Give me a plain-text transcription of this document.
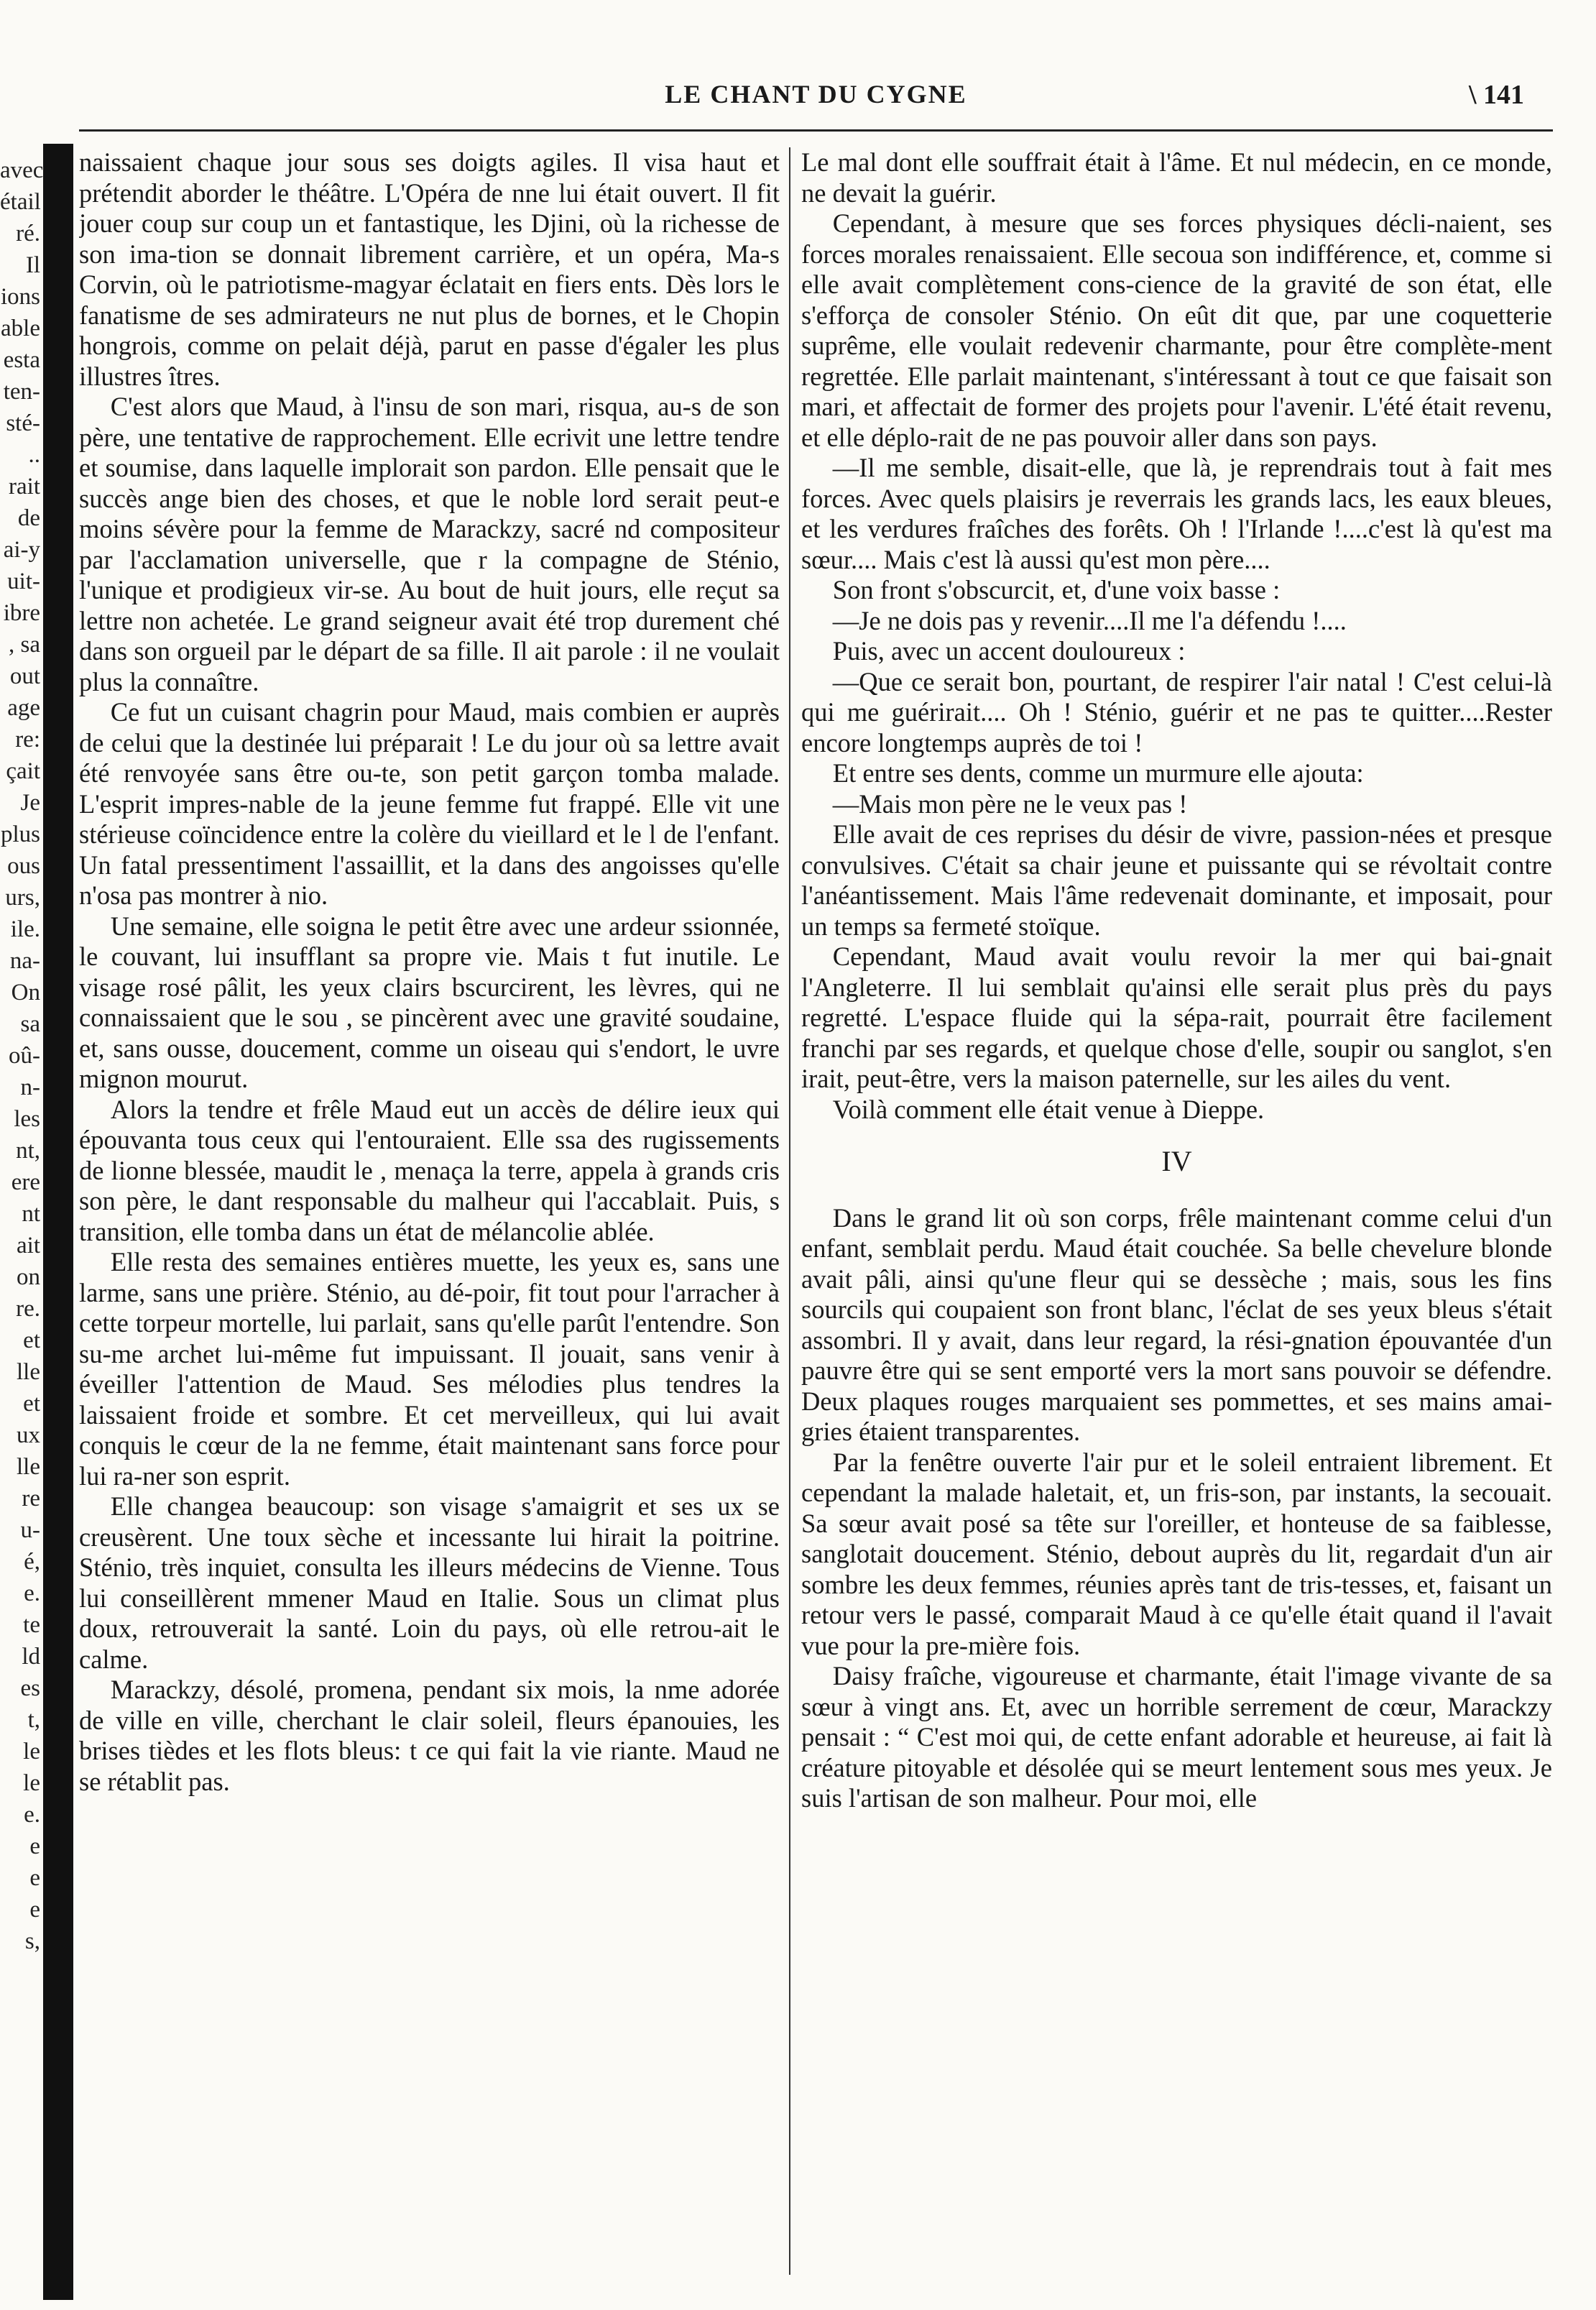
avec
étail
ré.
Il
ions
able
esta
ten-
sté-
..
rait
de
ai-y
uit-
ibre
, sa
out
age
re:
çait
Je
plus
ous
urs,
ile.
na-
On
sa
oû-
n-
les
nt,
ere
nt
ait
on
re.
et
lle
et
ux
lle
re
u-
é,
e.
te
ld
es
t,
le
le
e.
e
e
e
s,
LE CHANT DU CYGNE	\ 141

naissaient chaque jour sous ses doigts agiles. Il visa haut et prétendit aborder le théâtre. L'Opéra de nne lui était ouvert. Il fit jouer coup sur coup un et fantastique, les Djini, où la richesse de son ima-tion se donnait librement carrière, et un opéra, Ma-s Corvin, où le patriotisme-magyar éclatait en fiers ents. Dès lors le fanatisme de ses admirateurs ne nut plus de bornes, et le Chopin hongrois, comme on pelait déjà, parut en passe d'égaler les plus illustres îtres.

C'est alors que Maud, à l'insu de son mari, risqua, au-s de son père, une tentative de rapprochement. Elle ecrivit une lettre tendre et soumise, dans laquelle implorait son pardon. Elle pensait que le succès ange bien des choses, et que le noble lord serait peut-e moins sévère pour la femme de Marackzy, sacré nd compositeur par l'acclamation universelle, que r la compagne de Sténio, l'unique et prodigieux vir-se. Au bout de huit jours, elle reçut sa lettre non achetée. Le grand seigneur avait été trop durement ché dans son orgueil par le départ de sa fille. Il ait parole : il ne voulait plus la connaître.

Ce fut un cuisant chagrin pour Maud, mais combien er auprès de celui que la destinée lui préparait ! Le du jour où sa lettre avait été renvoyée sans être ou-te, son petit garçon tomba malade. L'esprit impres-nable de la jeune femme fut frappé. Elle vit une stérieuse coïncidence entre la colère du vieillard et le l de l'enfant. Un fatal pressentiment l'assaillit, et la dans des angoisses qu'elle n'osa pas montrer à nio.

Une semaine, elle soigna le petit être avec une ardeur ssionnée, le couvant, lui insufflant sa propre vie. Mais t fut inutile. Le visage rosé pâlit, les yeux clairs bscurcirent, les lèvres, qui ne connaissaient que le sou , se pincèrent avec une gravité soudaine, et, sans ousse, doucement, comme un oiseau qui s'endort, le uvre mignon mourut.

Alors la tendre et frêle Maud eut un accès de délire ieux qui épouvanta tous ceux qui l'entouraient. Elle ssa des rugissements de lionne blessée, maudit le , menaça la terre, appela à grands cris son père, le dant responsable du malheur qui l'accablait. Puis, s transition, elle tomba dans un état de mélancolie ablée.

Elle resta des semaines entières muette, les yeux es, sans une larme, sans une prière. Sténio, au dé-poir, fit tout pour l'arracher à cette torpeur mortelle, lui parlait, sans qu'elle parût l'entendre. Son su-me archet lui-même fut impuissant. Il jouait, sans venir à éveiller l'attention de Maud. Ses mélodies plus tendres la laissaient froide et sombre. Et cet merveilleux, qui lui avait conquis le cœur de la ne femme, était maintenant sans force pour lui ra-ner son esprit.

Elle changea beaucoup: son visage s'amaigrit et ses ux se creusèrent. Une toux sèche et incessante lui hirait la poitrine. Sténio, très inquiet, consulta les illeurs médecins de Vienne. Tous lui conseillèrent mmener Maud en Italie. Sous un climat plus doux, retrouverait la santé. Loin du pays, où elle retrou-ait le calme.

Marackzy, désolé, promena, pendant six mois, la nme adorée de ville en ville, cherchant le clair soleil, fleurs épanouies, les brises tièdes et les flots bleus: t ce qui fait la vie riante. Maud ne se rétablit pas.

Le mal dont elle souffrait était à l'âme. Et nul médecin, en ce monde, ne devait la guérir.

Cependant, à mesure que ses forces physiques décli-naient, ses forces morales renaissaient. Elle secoua son indifférence, et, comme si elle avait complètement cons-cience de la gravité de son état, elle s'efforça de consoler Sténio. On eût dit que, par une coquetterie suprême, elle voulait redevenir charmante, pour être complète-ment regrettée. Elle parlait maintenant, s'intéressant à tout ce que faisait son mari, et affectait de former des projets pour l'avenir. L'été était revenu, et elle déplo-rait de ne pas pouvoir aller dans son pays.

—Il me semble, disait-elle, que là, je reprendrais tout à fait mes forces. Avec quels plaisirs je reverrais les grands lacs, les eaux bleues, et les verdures fraîches des forêts. Oh ! l'Irlande !....c'est là qu'est ma sœur.... Mais c'est là aussi qu'est mon père....

Son front s'obscurcit, et, d'une voix basse :

—Je ne dois pas y revenir....Il me l'a défendu !....

Puis, avec un accent douloureux :

—Que ce serait bon, pourtant, de respirer l'air natal ! C'est celui-là qui me guérirait.... Oh ! Sténio, guérir et ne pas te quitter....Rester encore longtemps auprès de toi !

Et entre ses dents, comme un murmure elle ajouta:

—Mais mon père ne le veux pas !

Elle avait de ces reprises du désir de vivre, passion-nées et presque convulsives. C'était sa chair jeune et puissante qui se révoltait contre l'anéantissement. Mais l'âme redevenait dominante, et imposait, pour un temps sa fermeté stoïque.

Cependant, Maud avait voulu revoir la mer qui bai-gnait l'Angleterre. Il lui semblait qu'ainsi elle serait plus près du pays regretté. L'espace fluide qui la sépa-rait, pourrait être facilement franchi par ses regards, et quelque chose d'elle, soupir ou sanglot, s'en irait, peut-être, vers la maison paternelle, sur les ailes du vent.

Voilà comment elle était venue à Dieppe.

IV

Dans le grand lit où son corps, frêle maintenant comme celui d'un enfant, semblait perdu. Maud était couchée. Sa belle chevelure blonde avait pâli, ainsi qu'une fleur qui se dessèche ; mais, sous les fins sourcils qui coupaient son front blanc, l'éclat de ses yeux bleus s'était assombri. Il y avait, dans leur regard, la rési-gnation épouvantée d'un pauvre être qui se sent emporté vers la mort sans pouvoir se défendre. Deux plaques rouges marquaient ses pommettes, et ses mains amai-gries étaient transparentes.

Par la fenêtre ouverte l'air pur et le soleil entraient librement. Et cependant la malade haletait, et, un fris-son, par instants, la secouait. Sa sœur avait posé sa tête sur l'oreiller, et honteuse de sa faiblesse, sanglotait doucement. Sténio, debout auprès du lit, regardait d'un air sombre les deux femmes, réunies après tant de tris-tesses, et, faisant un retour vers le passé, comparait Maud à ce qu'elle était quand il l'avait vue pour la pre-mière fois.

Daisy fraîche, vigoureuse et charmante, était l'image vivante de sa sœur à vingt ans. Et, avec un horrible serrement de cœur, Marackzy pensait : “ C'est moi qui, de cette enfant adorable et heureuse, ai fait là créature pitoyable et désolée qui se meurt lentement sous mes yeux. Je suis l'artisan de son malheur. Pour moi, elle
